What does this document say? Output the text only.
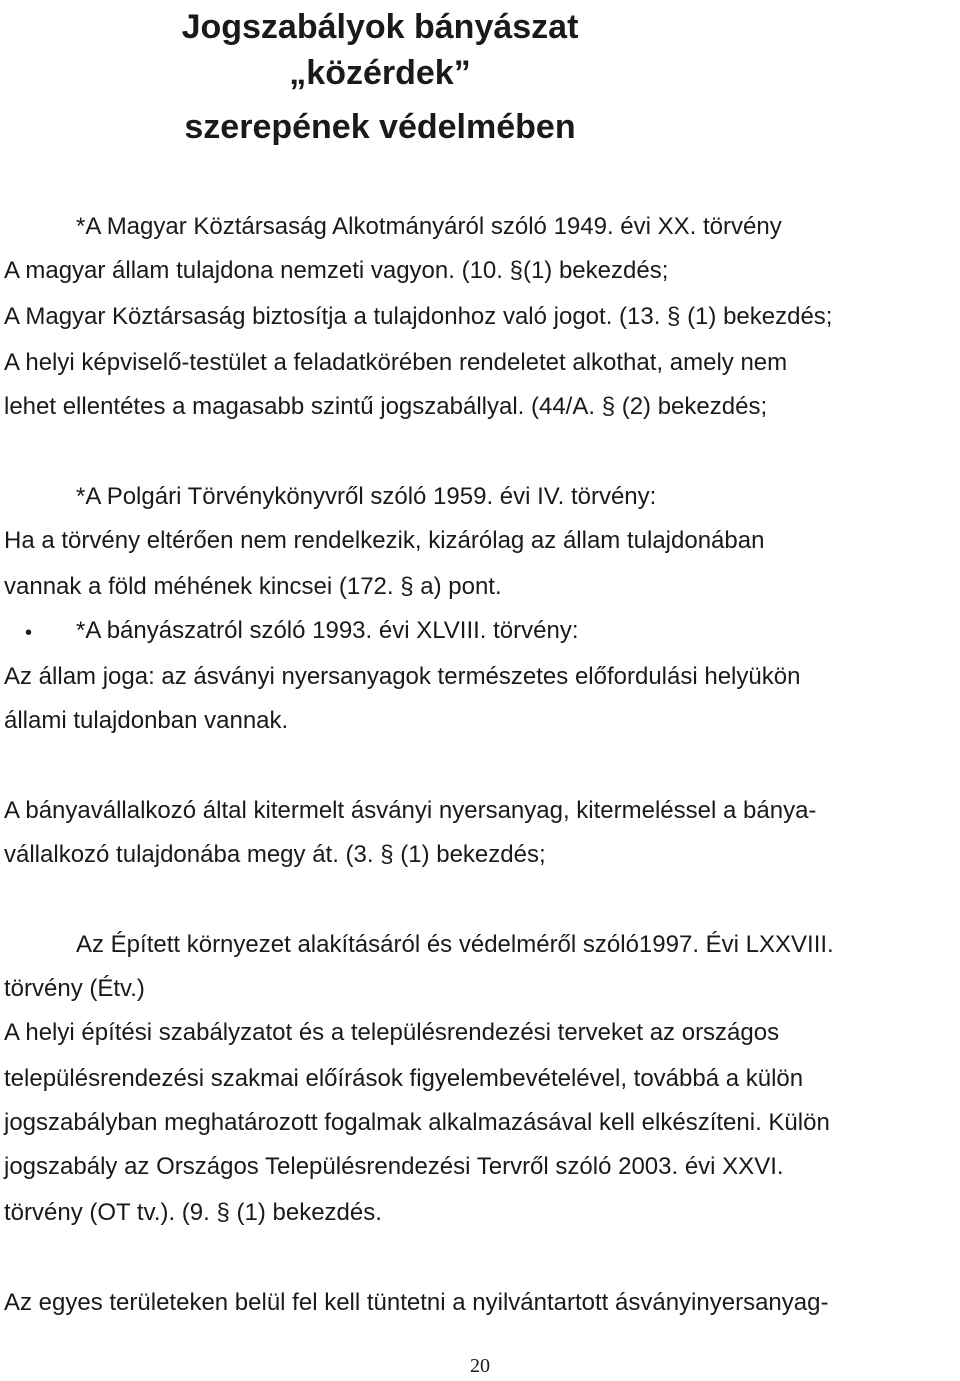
Jogszabályok bányászat
„közérdek”
szerepének védelmében
*A Magyar Köztársaság Alkotmányáról szóló 1949. évi XX. törvény
A magyar állam tulajdona nemzeti vagyon. (10. §(1) bekezdés;
A Magyar Köztársaság biztosítja a tulajdonhoz való jogot. (13. § (1) bekezdés;
A helyi képviselő-testület a feladatkörében rendeletet alkothat, amely nem
lehet ellentétes a magasabb szintű jogszabállyal. (44/A. § (2) bekezdés;
*A Polgári Törvénykönyvről szóló 1959. évi IV. törvény:
Ha a törvény eltérően nem rendelkezik, kizárólag az állam tulajdonában
vannak a föld méhének kincsei (172. § a) pont.
• *A bányászatról szóló 1993. évi XLVIII. törvény:
Az állam joga: az ásványi nyersanyagok természetes előfordulási helyükön
állami tulajdonban vannak.
A bányavállalkozó által kitermelt ásványi nyersanyag, kitermeléssel a bánya-
vállalkozó tulajdonába megy át. (3. § (1) bekezdés;
Az Épített környezet alakításáról és védelméről szóló1997. Évi LXXVIII.
törvény (Étv.)
A helyi építési szabályzatot és a településrendezési terveket az országos
településrendezési szakmai előírások figyelembevételével, továbbá a külön
jogszabályban meghatározott fogalmak alkalmazásával kell elkészíteni. Külön
jogszabály az Országos Településrendezési Tervről szóló 2003. évi XXVI.
törvény (OT tv.). (9. § (1) bekezdés.
Az egyes területeken belül fel kell tüntetni a nyilvántartott ásványinyersanyag-
20
